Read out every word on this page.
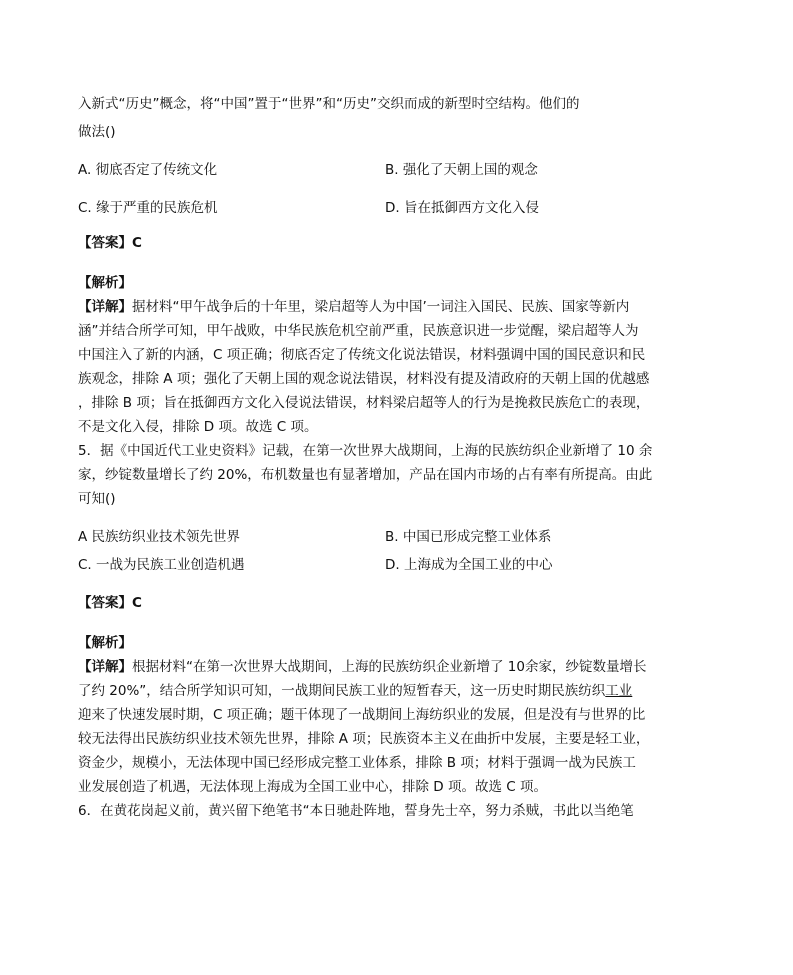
入新式“历史”概念，将“中国”置于“世界”和“历史”交织而成的新型时空结构。他们的
做法()
A. 彻底否定了传统文化	B. 强化了天朝上国的观念
C. 缘于严重的民族危机	D. 旨在抵御西方文化入侵
【答案】C
【解析】
【详解】据材料“甲午战争后的十年里，梁启超等人为中国’一词注入国民、民族、国家等新内
涵”并结合所学可知，甲午战败，中华民族危机空前严重，民族意识进一步觉醒，梁启超等人为
中国注入了新的内涵，C 项正确；彻底否定了传统文化说法错误，材料强调中国的国民意识和民
族观念，排除 A 项；强化了天朝上国的观念说法错误，材料没有提及清政府的天朝上国的优越感
，排除 B 项；旨在抵御西方文化入侵说法错误，材料梁启超等人的行为是挽救民族危亡的表现，
不是文化入侵，排除 D 项。故选 C 项。
5．据《中国近代工业史资料》记载，在第一次世界大战期间，上海的民族纺织企业新增了 10 余
家，纱锭数量增长了约 20%，布机数量也有显著增加，产品在国内市场的占有率有所提高。由此
可知()
A 民族纺织业技术领先世界	B. 中国已形成完整工业体系
C. 一战为民族工业创造机遇	D. 上海成为全国工业的中心
【答案】C
【解析】
【详解】根据材料“在第一次世界大战期间，上海的民族纺织企业新增了 10余家，纱锭数量增长
了约 20%”，结合所学知识可知，一战期间民族工业的短暂春天，这一历史时期民族纺织工业
迎来了快速发展时期，C 项正确；题干体现了一战期间上海纺织业的发展，但是没有与世界的比
较无法得出民族纺织业技术领先世界，排除 A 项；民族资本主义在曲折中发展，主要是轻工业，
资金少，规模小，无法体现中国已经形成完整工业体系，排除 B 项；材料于强调一战为民族工
业发展创造了机遇，无法体现上海成为全国工业中心，排除 D 项。故选 C 项。
6．在黄花岗起义前，黄兴留下绝笔书“本日驰赴阵地，誓身先士卒，努力杀贼，书此以当绝笔
